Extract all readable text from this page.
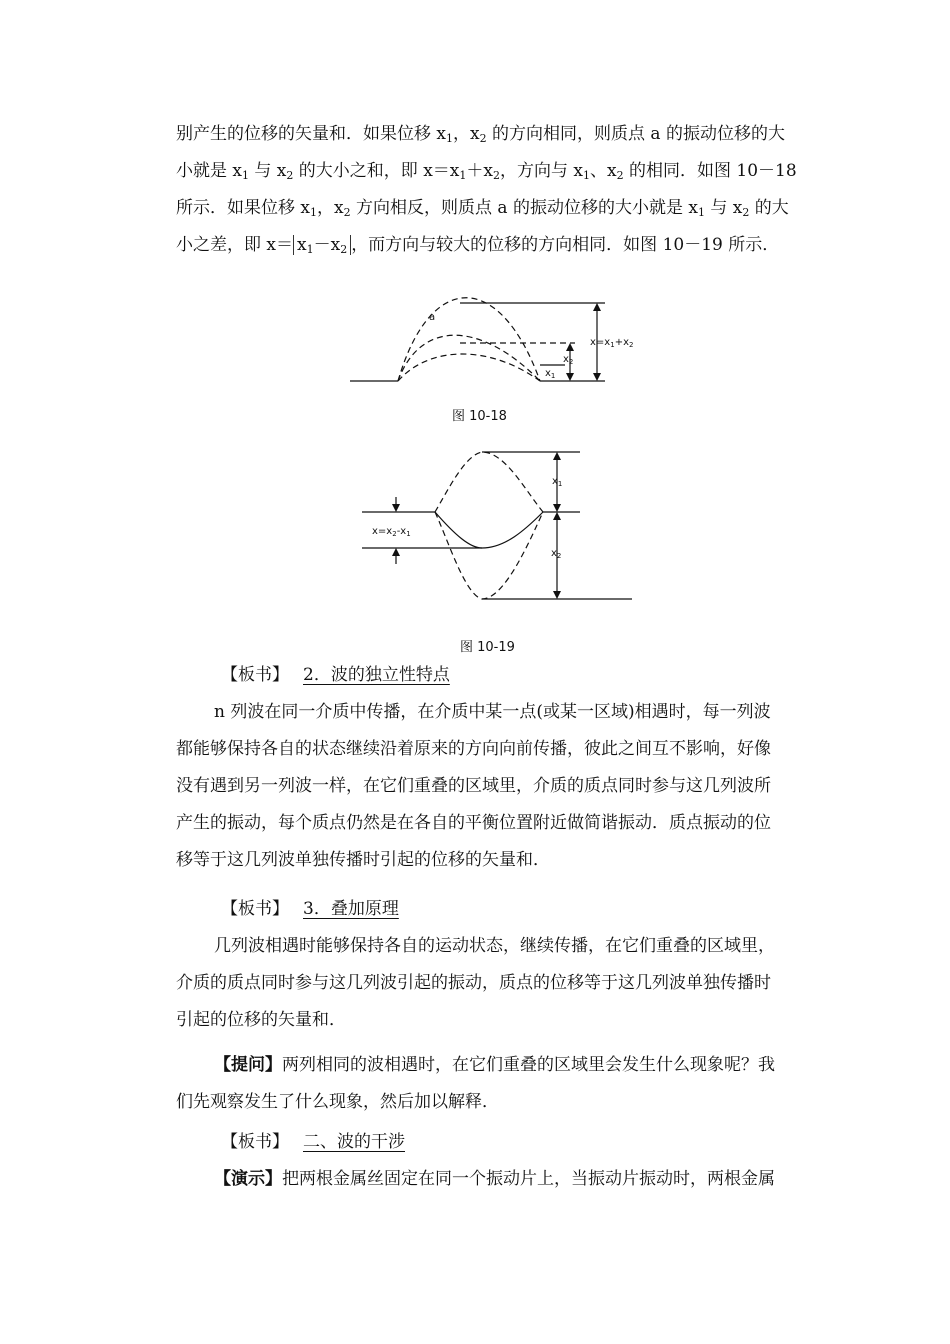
别产生的位移的矢量和．如果位移 $x_1$，$x_2$ 的方向相同，则质点 a 的振动位移的大
小就是 $x_1$ 与 $x_2$ 的大小之和，即 $x=x_1+x_2$，方向与 $x_1$、$x_2$ 的相同．如图 10－18
所示．如果位移 $x_1$，$x_2$ 方向相反，则质点 a 的振动位移的大小就是 $x_1$ 与 $x_2$ 的大
小之差，即 $x= x_1-x_2$ ，而方向与较大的位移的方向相同．如图 10－19 所示．
a
$x_1$
$x_2$
$x=x_1+x_2$
图 10-18
$x=x_2-x_1$
$x_1$
$x_2$
图 10-19
【板书】 2．波的独立性特点
n 列波在同一介质中传播，在介质中某一点(或某一区域)相遇时，每一列波
都能够保持各自的状态继续沿着原来的方向向前传播，彼此之间互不影响，好像
没有遇到另一列波一样，在它们重叠的区域里，介质的质点同时参与这几列波所
产生的振动，每个质点仍然是在各自的平衡位置附近做简谐振动．质点振动的位
移等于这几列波单独传播时引起的位移的矢量和．
【板书】 3．叠加原理
几列波相遇时能够保持各自的运动状态，继续传播，在它们重叠的区域里，
介质的质点同时参与这几列波引起的振动，质点的位移等于这几列波单独传播时
引起的位移的矢量和．
【提问】两列相同的波相遇时，在它们重叠的区域里会发生什么现象呢？我
们先观察发生了什么现象，然后加以解释．
【板书】 二、波的干涉
【演示】把两根金属丝固定在同一个振动片上，当振动片振动时，两根金属
